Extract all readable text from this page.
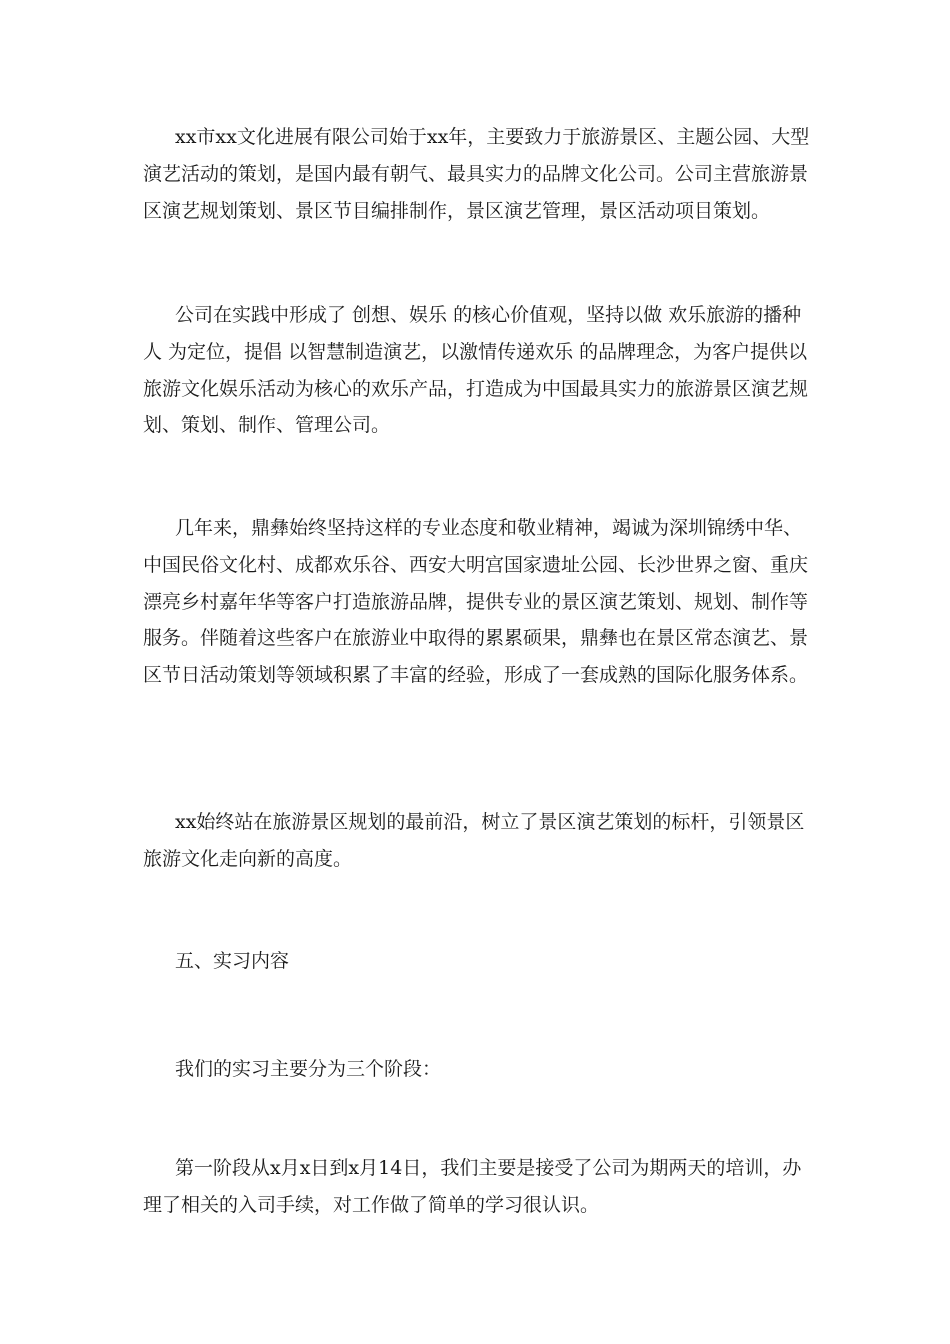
xx市xx文化进展有限公司始于xx年，主要致力于旅游景区、主题公园、大型演艺活动的策划，是国内最有朝气、最具实力的品牌文化公司。公司主营旅游景区演艺规划策划、景区节目编排制作，景区演艺管理，景区活动项目策划。

公司在实践中形成了 创想、娱乐 的核心价值观，坚持以做 欢乐旅游的播种人 为定位，提倡 以智慧制造演艺，以激情传递欢乐 的品牌理念，为客户提供以旅游文化娱乐活动为核心的欢乐产品，打造成为中国最具实力的旅游景区演艺规划、策划、制作、管理公司。

几年来，鼎彝始终坚持这样的专业态度和敬业精神，竭诚为深圳锦绣中华、中国民俗文化村、成都欢乐谷、西安大明宫国家遗址公园、长沙世界之窗、重庆漂亮乡村嘉年华等客户打造旅游品牌，提供专业的景区演艺策划、规划、制作等服务。伴随着这些客户在旅游业中取得的累累硕果，鼎彝也在景区常态演艺、景区节日活动策划等领域积累了丰富的经验，形成了一套成熟的国际化服务体系。

xx始终站在旅游景区规划的最前沿，树立了景区演艺策划的标杆，引领景区旅游文化走向新的高度。

五、实习内容

我们的实习主要分为三个阶段：

第一阶段从x月x日到x月14日，我们主要是接受了公司为期两天的培训，办理了相关的入司手续，对工作做了简单的学习很认识。
